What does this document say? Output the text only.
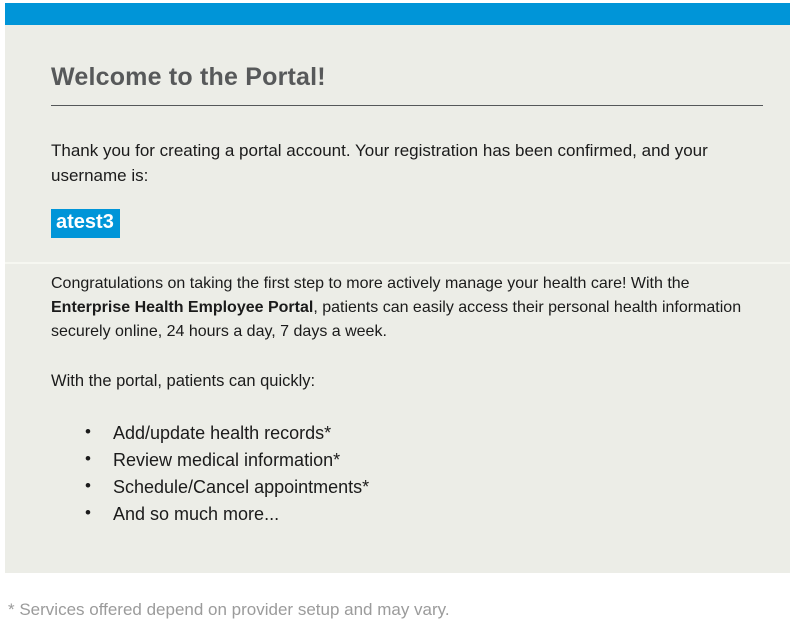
Welcome to the Portal!

Thank you for creating a portal account. Your registration has been confirmed, and your username is:

atest3

Congratulations on taking the first step to more actively manage your health care! With the Enterprise Health Employee Portal, patients can easily access their personal health information securely online, 24 hours a day, 7 days a week.

With the portal, patients can quickly:

• Add/update health records*
• Review medical information*
• Schedule/Cancel appointments*
• And so much more...

* Services offered depend on provider setup and may vary.
